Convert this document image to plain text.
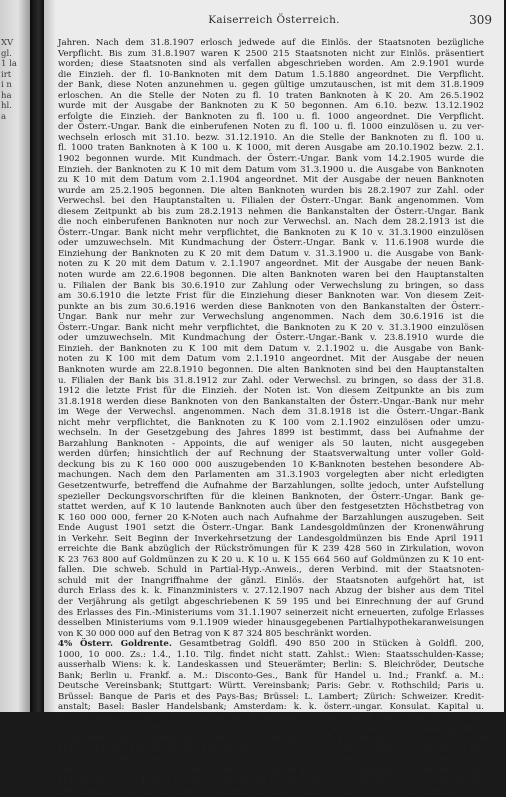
XV
gl.
1 la
irt
i n
ha
hl.
a

Kaiserreich Österreich.	309
Jahren. Nach dem 31.8.1907 erlosch jedwede auf die Einlös. der Staatsnoten bezügliche
Verpflicht. Bis zum 31.8.1907 waren K 2500 215 Staatsnoten nicht zur Einlös. präsentiert
worden; diese Staatsnoten sind als verfallen abgeschrieben worden. Am 2.9.1901 wurde
die Einzieh. der fl. 10-Banknoten mit dem Datum 1.5.1880 angeordnet. Die Verpflicht.
der Bank, diese Noten anzunehmen u. gegen gültige umzutauschen, ist mit dem 31.8.1909
erloschen. An die Stelle der Noten zu fl. 10 traten Banknoten à K 20. Am 26.5.1902
wurde mit der Ausgabe der Banknoten zu K 50 begonnen. Am 6.10. bezw. 13.12.1902
erfolgte die Einzieh. der Banknoten zu fl. 100 u. fl. 1000 angeordnet. Die Verpflicht.
der Österr.-Ungar. Bank die einberufenen Noten zu fl. 100 u. fl. 1000 einzulösen u. zu ver-
wechseln erlosch mit 31.10. bezw. 31.12.1910. An die Stelle der Banknoten zu fl. 100 u.
fl. 1000 traten Banknoten à K 100 u. K 1000, mit deren Ausgabe am 20.10.1902 bezw. 2.1.
1902 begonnen wurde. Mit Kundmach. der Österr.-Ungar. Bank vom 14.2.1905 wurde die
Einzieh. der Banknoten zu K 10 mit dem Datum vom 31.3.1900 u. die Ausgabe von Banknoten
zu K 10 mit dem Datum vom 2.1.1904 angeordnet. Mit der Ausgabe der neuen Banknoten
wurde am 25.2.1905 begonnen. Die alten Banknoten wurden bis 28.2.1907 zur Zahl. oder
Verwechsl. bei den Hauptanstalten u. Filialen der Österr.-Ungar. Bank angenommen. Vom
diesem Zeitpunkt ab bis zum 28.2.1913 nehmen die Bankanstalten der Österr.-Ungar. Bank
die noch einberufenen Banknoten nur noch zur Verwechsl. an. Nach dem 28.2.1913 ist die
Österr.-Ungar. Bank nicht mehr verpflichtet, die Banknoten zu K 10 v. 31.3.1900 einzulösen
oder umzuwechseln. Mit Kundmachung der Österr.-Ungar. Bank v. 11.6.1908 wurde die
Einziehung der Banknoten zu K 20 mit dem Datum v. 31.3.1900 u. die Ausgabe von Bank-
noten zu K 20 mit dem Datum v. 2.1.1907 angeordnet. Mit der Ausgabe der neuen Bank-
noten wurde am 22.6.1908 begonnen. Die alten Banknoten waren bei den Hauptanstalten
u. Filialen der Bank bis 30.6.1910 zur Zahlung oder Verwechslung zu bringen, so dass
am 30.6.1910 die letzte Frist für die Einziehung dieser Banknoten war. Von diesem Zeit-
punkte an bis zum 30.6.1916 werden diese Banknoten von den Bankanstalten der Österr.-
Ungar. Bank nur mehr zur Verwechslung angenommen. Nach dem 30.6.1916 ist die
Österr.-Ungar. Bank nicht mehr verpflichtet, die Banknoten zu K 20 v. 31.3.1900 einzulösen
oder umzuwechseln. Mit Kundmachung der Österr.-Ungar.-Bank v. 23.8.1910 wurde die
Einzieh. der Banknoten zu K 100 mit dem Datum v. 2.1.1902 u. die Ausgabe von Bank-
noten zu K 100 mit dem Datum vom 2.1.1910 angeordnet. Mit der Ausgabe der neuen
Banknoten wurde am 22.8.1910 begonnen. Die alten Banknoten sind bei den Hauptanstalten
u. Filialen der Bank bis 31.8.1912 zur Zahl. oder Verwechsl. zu bringen, so dass der 31.8.
1912 die letzte Frist für die Einzieh. der Noten ist. Von diesem Zeitpunkte an bis zum
31.8.1918 werden diese Banknoten von den Bankanstalten der Österr.-Ungar.-Bank nur mehr
im Wege der Verwechsl. angenommen. Nach dem 31.8.1918 ist die Österr.-Ungar.-Bank
nicht mehr verpflichtet, die Banknoten zu K 100 vom 2.1.1902 einzulösen oder umzu-
wechseln. In der Gesetzgebung des Jahres 1899 ist bestimmt, dass bei Aufnahme der
Barzahlung Banknoten - Appoints, die auf weniger als 50 lauten, nicht ausgegeben
werden dürfen; hinsichtlich der auf Rechnung der Staatsverwaltung unter voller Gold-
deckung bis zu K 160 000 000 auszugebenden 10 K-Banknoten bestehen besondere Ab-
machungen. Nach dem den Parlamenten am 31.3.1903 vorgelegten aber nicht erledigten
Gesetzentwurfe, betreffend die Aufnahme der Barzahlungen, sollte jedoch, unter Aufstellung
spezieller Deckungsvorschriften für die kleinen Banknoten, der Österr.-Ungar. Bank ge-
stattet werden, auf K 10 lautende Banknoten auch über den festgesetzten Höchstbetrag von
K 160 000 000, ferner 20 K-Noten auch nach Aufnahme der Barzahlungen auszugeben. Seit
Ende August 1901 setzt die Österr.-Ungar. Bank Landesgoldmünzen der Kronenwährung
in Verkehr. Seit Beginn der Inverkehrsetzung der Landesgoldmünzen bis Ende April 1911
erreichte die Bank abzüglich der Rückströmungen für K 239 428 560 in Zirkulation, wovon
K 23 763 800 auf Goldmünzen zu K 20 u. K 10 u. K 155 664 560 auf Goldmünzen zu K 10 ent-
fallen. Die schweb. Schuld in Partial-Hyp.-Anweis., deren Verbind. mit der Staatsnoten-
schuld mit der Inangriffnahme der gänzl. Einlös. der Staatsnoten aufgehört hat, ist
durch Erlass des k. k. Finanzministers v. 27.12.1907 nach Abzug der bisher aus dem Titel
der Verjährung als getilgt abgeschriebenen K 59 195 und bei Einrechnung der auf Grund
des Erlasses des Fin.-Ministeriums vom 31.1.1907 seinerzeit nicht erneuerten, zufolge Erlasses
desselben Ministeriums vom 9.1.1909 wieder hinausgegebenen Partialhypothekaranweisungen
von K 30 000 000 auf den Betrag von K 87 324 805 beschränkt worden.
4% Österr. Goldrente. Gesamtbetrag Goldfl. 490 850 200 in Stücken à Goldfl. 200,
1000, 10 000. Zs.: 1.4., 1.10. Tilg. findet nicht statt. Zahlst.: Wien: Staatsschulden-Kasse;
ausserhalb Wiens: k. k. Landeskassen und Steuerämter; Berlin: S. Bleichröder, Deutsche
Bank; Berlin u. Frankf. a. M.: Disconto-Ges., Bank für Handel u. Ind.; Frankf. a. M.:
Deutsche Vereinsbank; Stuttgart: Württ. Vereinsbank; Paris: Gebr. v. Rothschild; Paris u.
Brüssel: Banque de Paris et des Pays-Bas; Brüssel: L. Lambert; Zürich: Schweizer. Kredit-
anstalt; Basel: Basler Handelsbank; Amsterdam: k. k. österr.-ungar. Konsulat. Kapital u.
Zs. für immer steuerfrei u. zahlbar in Deutschland in Reichsmark nach dem Wertverhält-
nisse von M. 20.25 für 10 fl. Gold. Stücke à fl. 10 000 in Deutschland nicht lieferbar. Kurs
Ende 1890—1911: In Berlin 96.20, 94.40, 98.50, 96.50, 102.25, 102.40, 104.30, 103, —, 97.70, 100,
101.10, 102.80, 102.60, 101.90, 100, 99.50, 97.60, 97.80, 99.70, 99, 97.20%. — In Frankf. a. M.:
96.20, 94.50, 98.50, 96.50, 102, 102.30, 104.35, 103, 102.10, 97.90, 100, 101.10, 103, 102.60, 101.75,
100.85, 99.60, 97.70, 97.80, 99.90, 99, 97.40 (kl. 98.40)%. — In Hamburg: 95, 94, 98.50, 96,
101.70, 102.20, 104, 103, 101.80, 97.50, 99.80, 101.50, 102.50, 102.50, 101.60, 99.65, 99.30, 97,
1910, 102.20, 104, 103, 101.80, 97.50, 99.80, 101.50, 102.50, 102.50, 101.60, 99.65, 99.30, 97.
